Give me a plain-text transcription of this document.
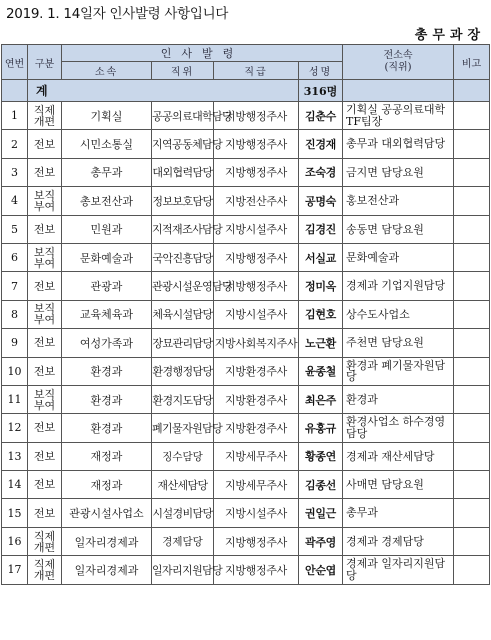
2019. 1. 14일자 인사발령 사항입니다
총무과장
연번	구분	인사발령				전소속
(직위)	비고
		소속	직위	직급	성명		
	계				316명		
1	직제 개편	기획실	공공의료대학담당	지방행정주사	김춘수	기획실 공공의료대학TF팀장	
2	전보	시민소통실	지역공동체담당	지방행정주사	진경재	총무과 대외협력담당	
3	전보	총무과	대외협력담당	지방행정주사	조숙경	금지면 담당요원	
4	보직 부여	총보전산과	정보보호담당	지방전산주사	공명숙	홍보전산과	
5	전보	민원과	지적재조사담당	지방시설주사	김경진	송동면 담당요원	
6	보직 부여	문화예술과	국악진흥담당	지방행정주사	서실교	문화예술과	
7	전보	관광과	관광시설운영담당	지방행정주사	정미옥	경제과 기업지원담당	
8	보직 부여	교육체육과	체육시설담당	지방시설주사	김현호	상수도사업소	
9	전보	여성가족과	장묘관리담당	지방사회복지주사	노근환	주천면 담당요원	
10	전보	환경과	환경행정담당	지방환경주사	윤종철	환경과 폐기물자원담당	
11	보직 부여	환경과	환경지도담당	지방환경주사	최은주	환경과	
12	전보	환경과	폐기물자원담당	지방환경주사	유홍규	환경사업소 하수경영담당	
13	전보	재정과	징수담당	지방세무주사	황종연	경제과 재산세담당	
14	전보	재정과	재산세담당	지방세무주사	김종선	사매면 담당요원	
15	전보	관광시설사업소	시설경비담당	지방시설주사	권일근	총무과	
16	직제 개편	일자리경제과	경제담당	지방행정주사	곽주영	경제과 경제담당	
17	직제 개편	일자리경제과	일자리지원담당	지방행정주사	안순엽	경제과 일자리지원담당	
